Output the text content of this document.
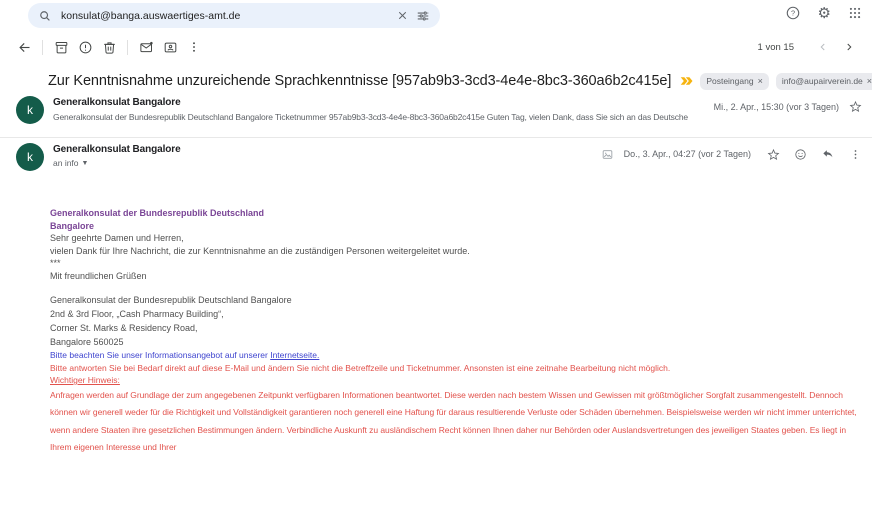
konsulat@banga.auswaertiges-amt.de
? ⚙
1 von 15
Zur Kenntnisnahme unzureichende Sprachkenntnisse [957ab9b3-3cd3-4e4e-8bc3-360a6b2c415e]	Posteingang × info@aupairverein.de ×
k
Generalkonsulat Bangalore
Generalkonsulat der Bundesrepublik Deutschland Bangalore Ticketnummer 957ab9b3-3cd3-4e4e-8bc3-360a6b2c415e Guten Tag, vielen Dank, dass Sie sich an das Deutsche
Mi., 2. Apr., 15:30 (vor 3 Tagen)
k
Generalkonsulat Bangalore
an info ▼
Do., 3. Apr., 04:27 (vor 2 Tagen)

Generalkonsulat der Bundesrepublik Deutschland

Bangalore

Sehr geehrte Damen und Herren,

vielen Dank für Ihre Nachricht, die zur Kenntnisnahme an die zuständigen Personen weitergeleitet wurde.

***

Mit freundlichen Grüßen

Generalkonsulat der Bundesrepublik Deutschland Bangalore
2nd & 3rd Floor, „Cash Pharmacy Building“,
Corner St. Marks & Residency Road,
Bangalore 560025

Bitte beachten Sie unser Informationsangebot auf unserer Internetseite.

Bitte antworten Sie bei Bedarf direkt auf diese E-Mail und ändern Sie nicht die Betreffzeile und Ticketnummer. Ansonsten ist eine zeitnahe Bearbeitung nicht möglich.

Wichtiger Hinweis:

Anfragen werden auf Grundlage der zum angegebenen Zeitpunkt verfügbaren Informationen beantwortet. Diese werden nach bestem Wissen und Gewissen mit größtmöglicher Sorgfalt zusammengestellt. Dennoch können wir generell weder für die Richtigkeit und Vollständigkeit garantieren noch generell eine Haftung für daraus resultierende Verluste oder Schäden übernehmen. Beispielsweise werden wir nicht immer unterrichtet, wenn andere Staaten ihre gesetzlichen Bestimmungen ändern. Verbindliche Auskunft zu ausländischem Recht können Ihnen daher nur Behörden oder Auslandsvertretungen des jeweiligen Staates geben. Es liegt in Ihrem eigenen Interesse und Ihrer
